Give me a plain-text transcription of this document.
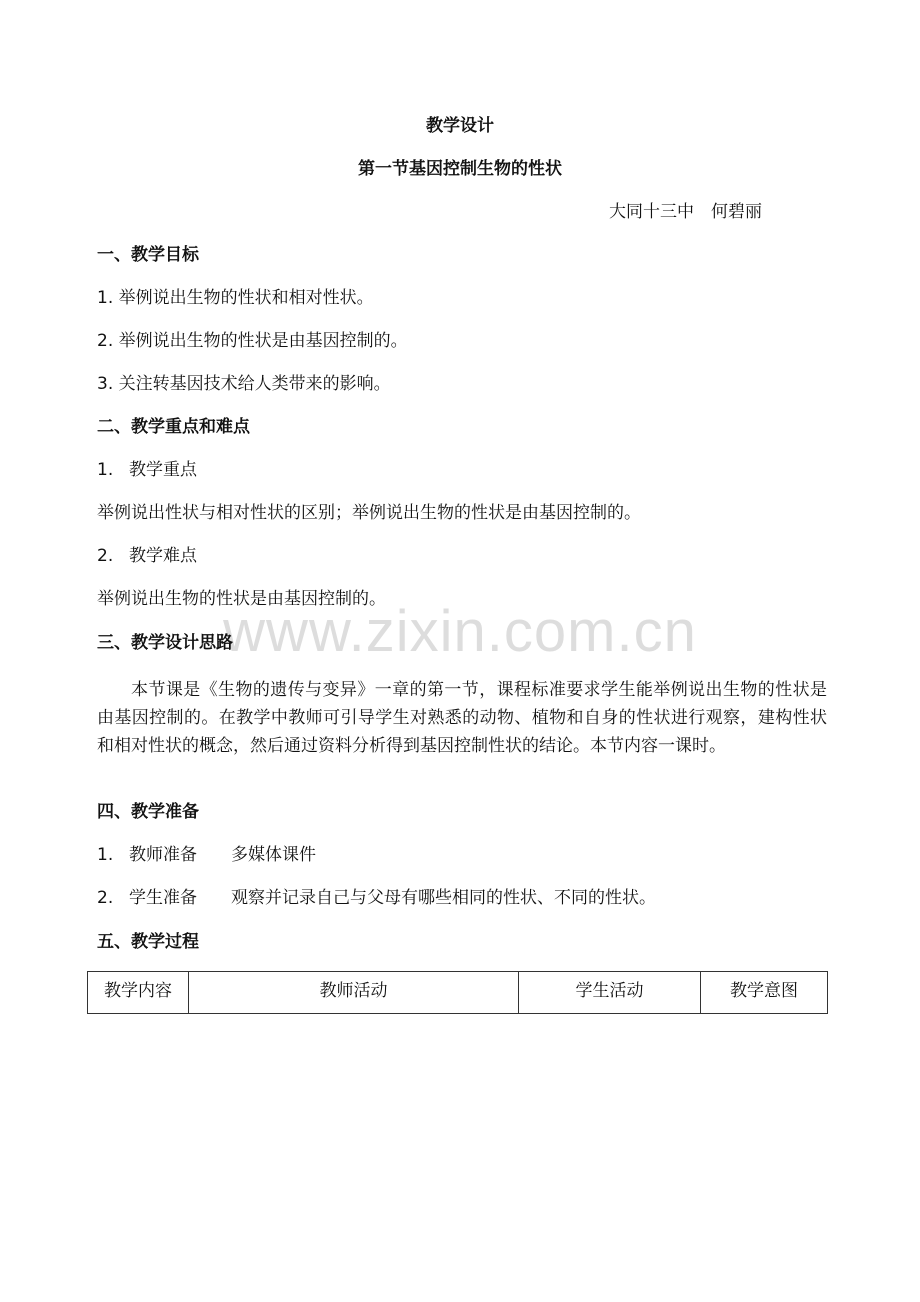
www.zixin.com.cn
教学设计
第一节基因控制生物的性状
大同十三中　何碧丽
一、教学目标
1. 举例说出生物的性状和相对性状。
2. 举例说出生物的性状是由基因控制的。
3. 关注转基因技术给人类带来的影响。
二、教学重点和难点
1. 教学重点
举例说出性状与相对性状的区别；举例说出生物的性状是由基因控制的。
2. 教学难点
举例说出生物的性状是由基因控制的。
三、教学设计思路
本节课是《生物的遗传与变异》一章的第一节，课程标准要求学生能举例说出生物的性状是由基因控制的。在教学中教师可引导学生对熟悉的动物、植物和自身的性状进行观察，建构性状和相对性状的概念，然后通过资料分析得到基因控制性状的结论。本节内容一课时。
四、教学准备
1. 教师准备 多媒体课件
2. 学生准备 观察并记录自己与父母有哪些相同的性状、不同的性状。
五、教学过程
教学内容	教师活动	学生活动	教学意图
